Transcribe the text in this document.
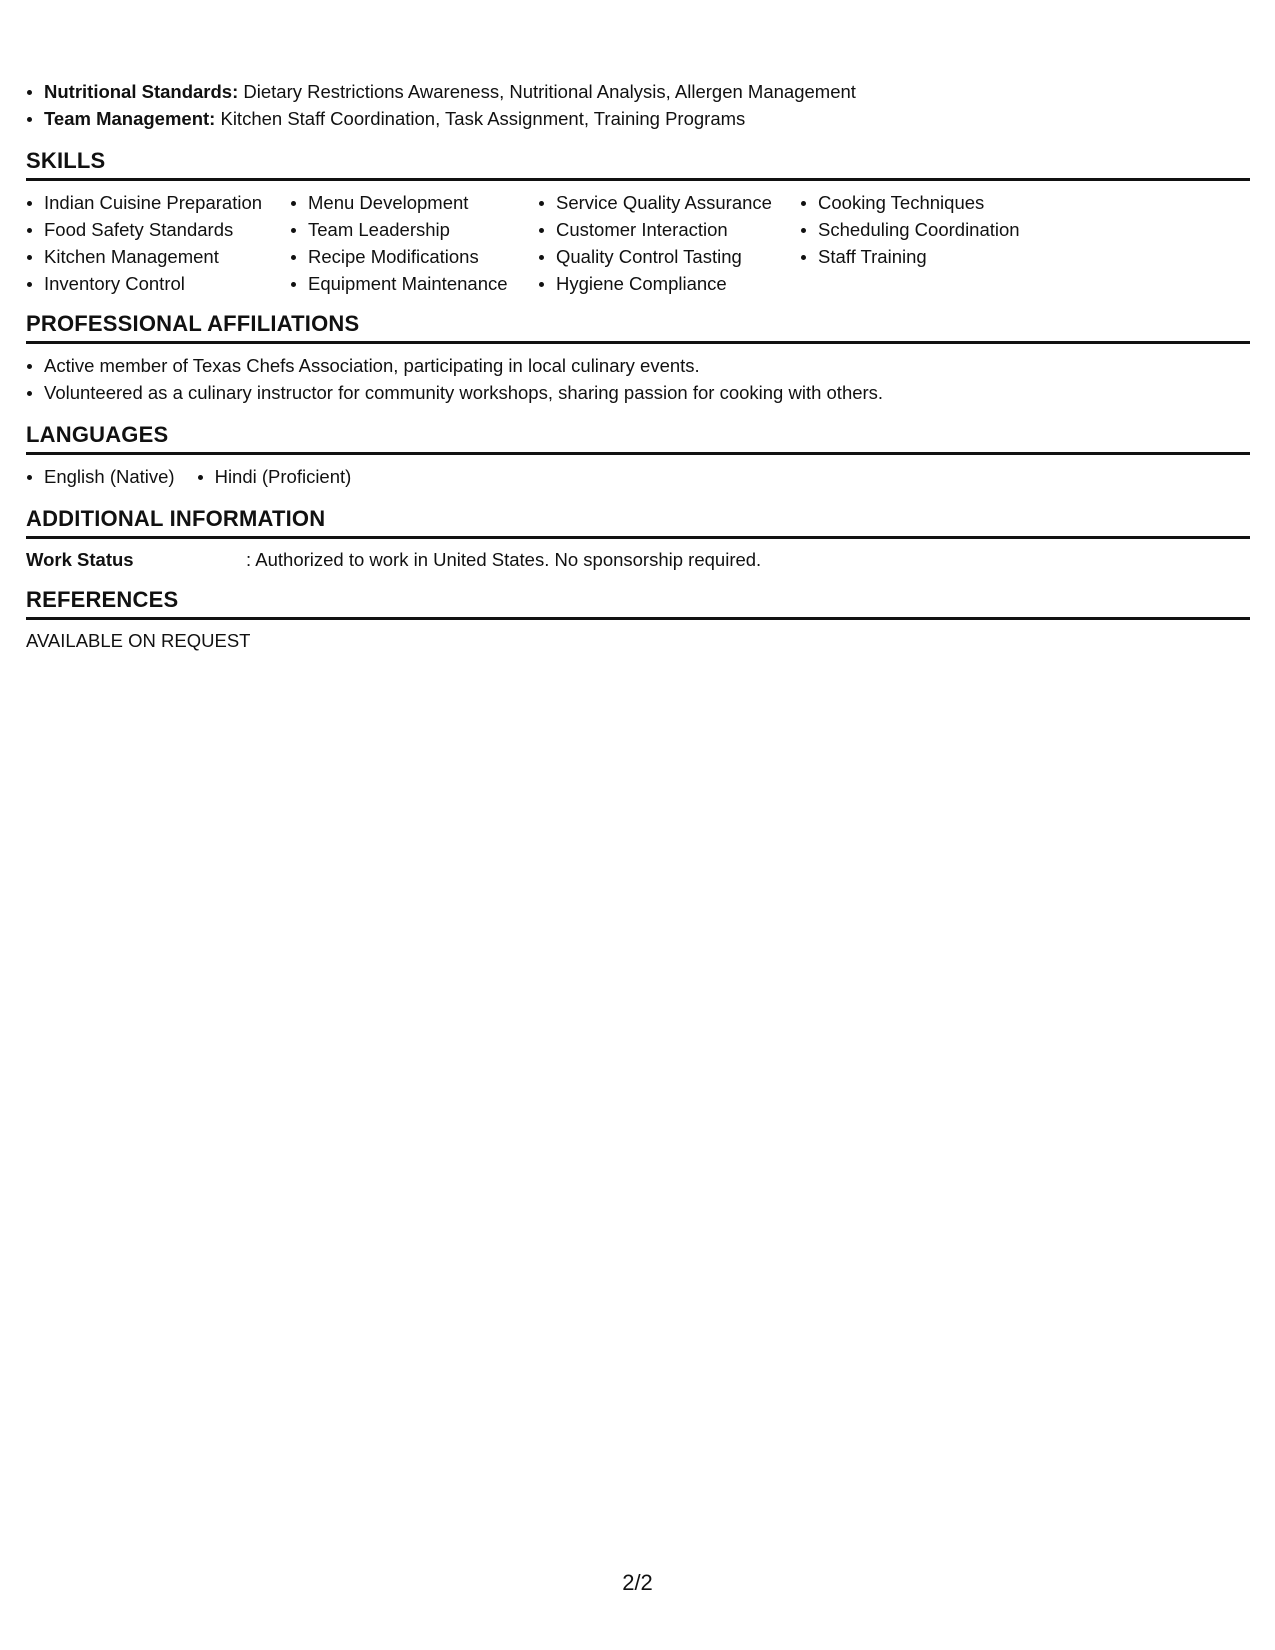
Nutritional Standards: Dietary Restrictions Awareness, Nutritional Analysis, Allergen Management
Team Management: Kitchen Staff Coordination, Task Assignment, Training Programs
SKILLS
Indian Cuisine Preparation
Food Safety Standards
Kitchen Management
Inventory Control
Menu Development
Team Leadership
Recipe Modifications
Equipment Maintenance
Service Quality Assurance
Customer Interaction
Quality Control Tasting
Hygiene Compliance
Cooking Techniques
Scheduling Coordination
Staff Training
PROFESSIONAL AFFILIATIONS
Active member of Texas Chefs Association, participating in local culinary events.
Volunteered as a culinary instructor for community workshops, sharing passion for cooking with others.
LANGUAGES
English (Native)	Hindi (Proficient)
ADDITIONAL INFORMATION
Work Status	: Authorized to work in United States. No sponsorship required.
REFERENCES
AVAILABLE ON REQUEST
2/2
